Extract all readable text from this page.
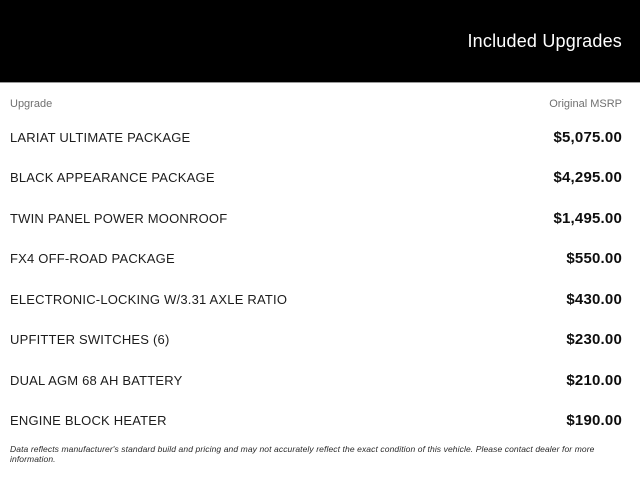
Included Upgrades
Upgrade	Original MSRP
LARIAT ULTIMATE PACKAGE	$5,075.00
BLACK APPEARANCE PACKAGE	$4,295.00
TWIN PANEL POWER MOONROOF	$1,495.00
FX4 OFF-ROAD PACKAGE	$550.00
ELECTRONIC-LOCKING W/3.31 AXLE RATIO	$430.00
UPFITTER SWITCHES (6)	$230.00
DUAL AGM 68 AH BATTERY	$210.00
ENGINE BLOCK HEATER	$190.00
Data reflects manufacturer's standard build and pricing and may not accurately reflect the exact condition of this vehicle. Please contact dealer for more information.
